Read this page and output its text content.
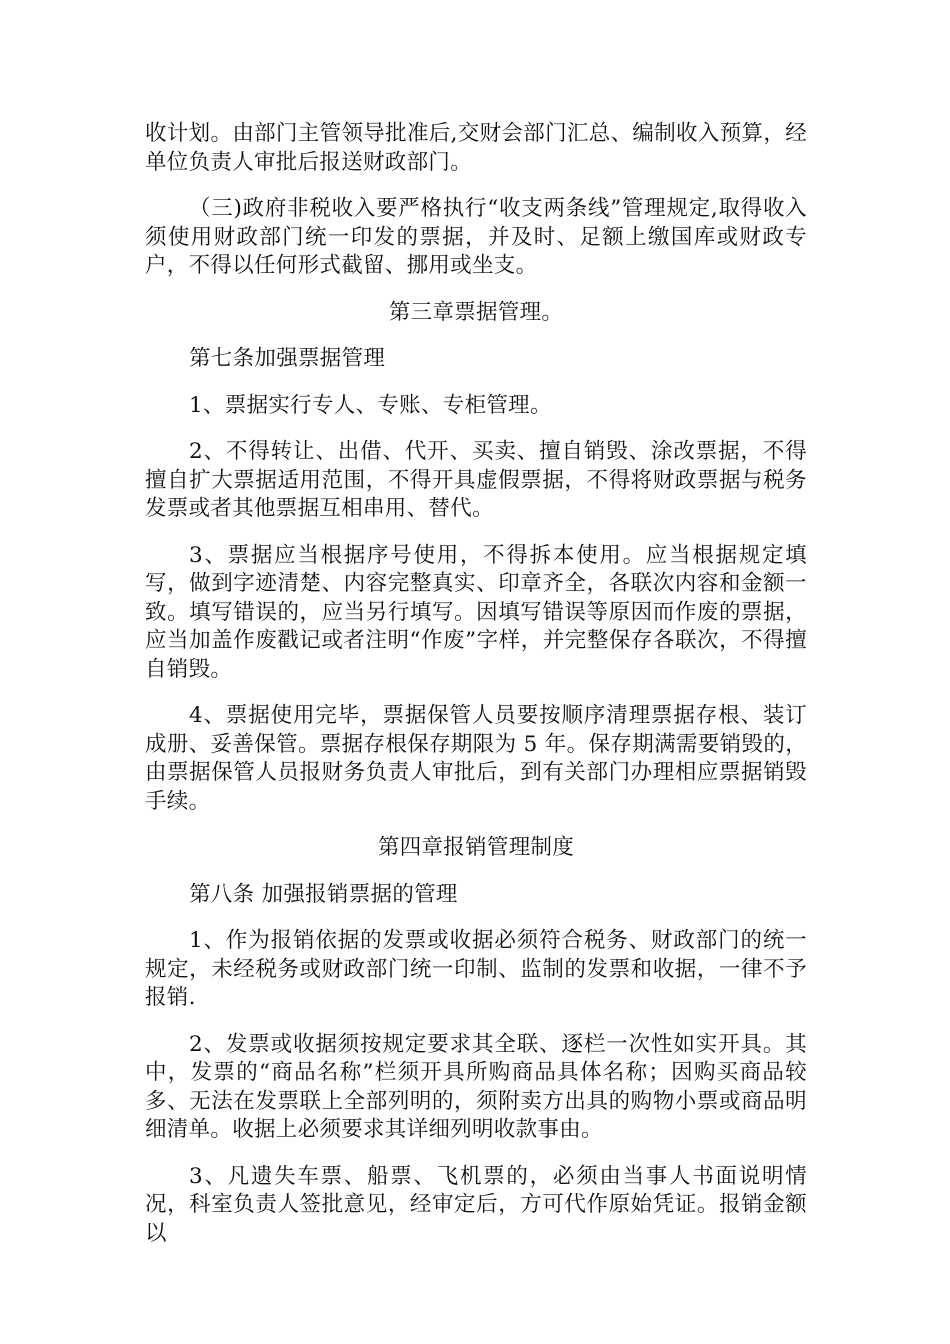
收计划。由部门主管领导批准后,交财会部门汇总、编制收入预算，经单位负责人审批后报送财政部门。

（三)政府非税收入要严格执行“收支两条线”管理规定,取得收入须使用财政部门统一印发的票据，并及时、足额上缴国库或财政专户，不得以任何形式截留、挪用或坐支。

第三章票据管理。

第七条加强票据管理

1、票据实行专人、专账、专柜管理。

2、不得转让、出借、代开、买卖、擅自销毁、涂改票据，不得擅自扩大票据适用范围，不得开具虚假票据，不得将财政票据与税务发票或者其他票据互相串用、替代。

3、票据应当根据序号使用，不得拆本使用。应当根据规定填写，做到字迹清楚、内容完整真实、印章齐全，各联次内容和金额一致。填写错误的，应当另行填写。因填写错误等原因而作废的票据，应当加盖作废戳记或者注明“作废”字样，并完整保存各联次，不得擅自销毁。

4、票据使用完毕，票据保管人员要按顺序清理票据存根、装订成册、妥善保管。票据存根保存期限为 5 年。保存期满需要销毁的，由票据保管人员报财务负责人审批后，到有关部门办理相应票据销毁手续。

第四章报销管理制度

第八条 加强报销票据的管理

1、作为报销依据的发票或收据必须符合税务、财政部门的统一规定，未经税务或财政部门统一印制、监制的发票和收据，一律不予报销.

2、发票或收据须按规定要求其全联、逐栏一次性如实开具。其中，发票的“商品名称”栏须开具所购商品具体名称；因购买商品较多、无法在发票联上全部列明的，须附卖方出具的购物小票或商品明细清单。收据上必须要求其详细列明收款事由。

3、凡遗失车票、船票、飞机票的，必须由当事人书面说明情况，科室负责人签批意见，经审定后，方可代作原始凭证。报销金额以
